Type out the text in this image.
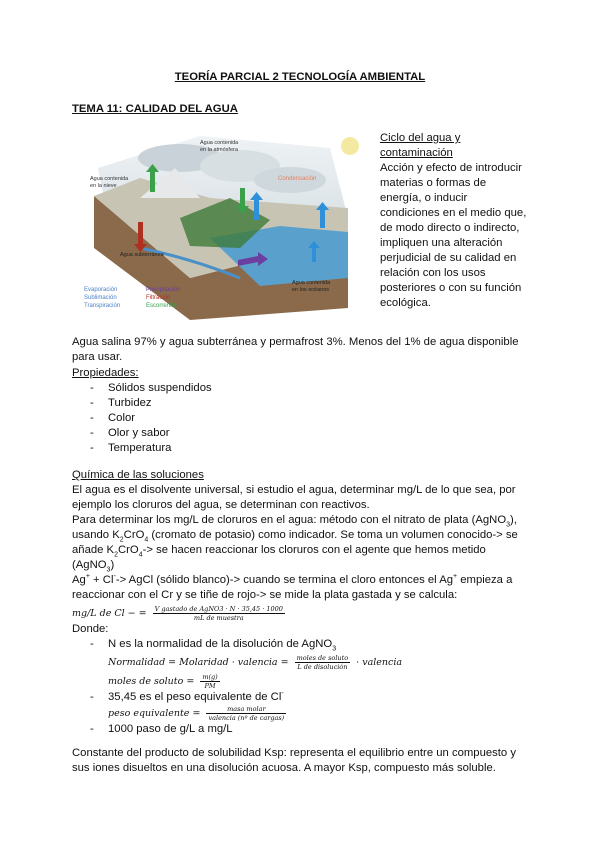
TEORÍA PARCIAL 2 TECNOLOGÍA AMBIENTAL
TEMA 11: CALIDAD DEL AGUA
Agua contenida
en la atmósfera
Agua contenida
en la nieve
Condensación
Agua subterránea
Agua contenida
en los océanos
Evaporación
Sublimación
Transpiración
Precipitación
Filtración
Escorrentía
Ciclo del agua y contaminación
Acción y efecto de introducir materias o formas de energía, o inducir condiciones en el medio que, de modo directo o indirecto, impliquen una alteración perjudicial de su calidad en relación con los usos posteriores o con su función ecológica.
Agua salina 97% y agua subterránea y permafrost 3%. Menos del 1% de agua disponible para usar.
Propiedades:
- Sólidos suspendidos
- Turbidez
- Color
- Olor y sabor
- Temperatura
Química de las soluciones
El agua es el disolvente universal, si estudio el agua, determinar mg/L de lo que sea, por ejemplo los cloruros del agua, se determinan con reactivos.
Para determinar los mg/L de cloruros en el agua: método con el nitrato de plata (AgNO$_3$), usando $K_2CrO_4$ (cromato de potasio) como indicador. Se toma un volumen conocido-> se añade $K_2CrO_4->$ se hacen reaccionar los cloruros con el agente que hemos metido (AgNO$_3$)
Ag+ + Cl--> AgCl (sólido blanco)-> cuando se termina el cloro entonces el Ag+ empieza a reaccionar con el Cr y se tiñe de rojo-> se mide la plata gastada y se calcula:
mg/L de Cl − = $\frac{\text{V gastado de AgNO3 · N · 35,45 · 1000}}{\text{mL de muestra}}$
Donde:
- N es la normalidad de la disolución de AgNO$_3$
Normalidad = Molaridad · valencia = $\frac{\text{moles de soluto}}{\text{L de disolución}}$ · valencia
moles de soluto = $\frac{m(g)}{PM}$
- 35,45 es el peso equivalente de Cl-
peso equivalente = $\frac{\text{masa molar}}{\text{valencia (nº de cargas)}}$
- 1000 paso de g/L a mg/L
Constante del producto de solubilidad Ksp: representa el equilibrio entre un compuesto y sus iones disueltos en una disolución acuosa. A mayor Ksp, compuesto más soluble.
